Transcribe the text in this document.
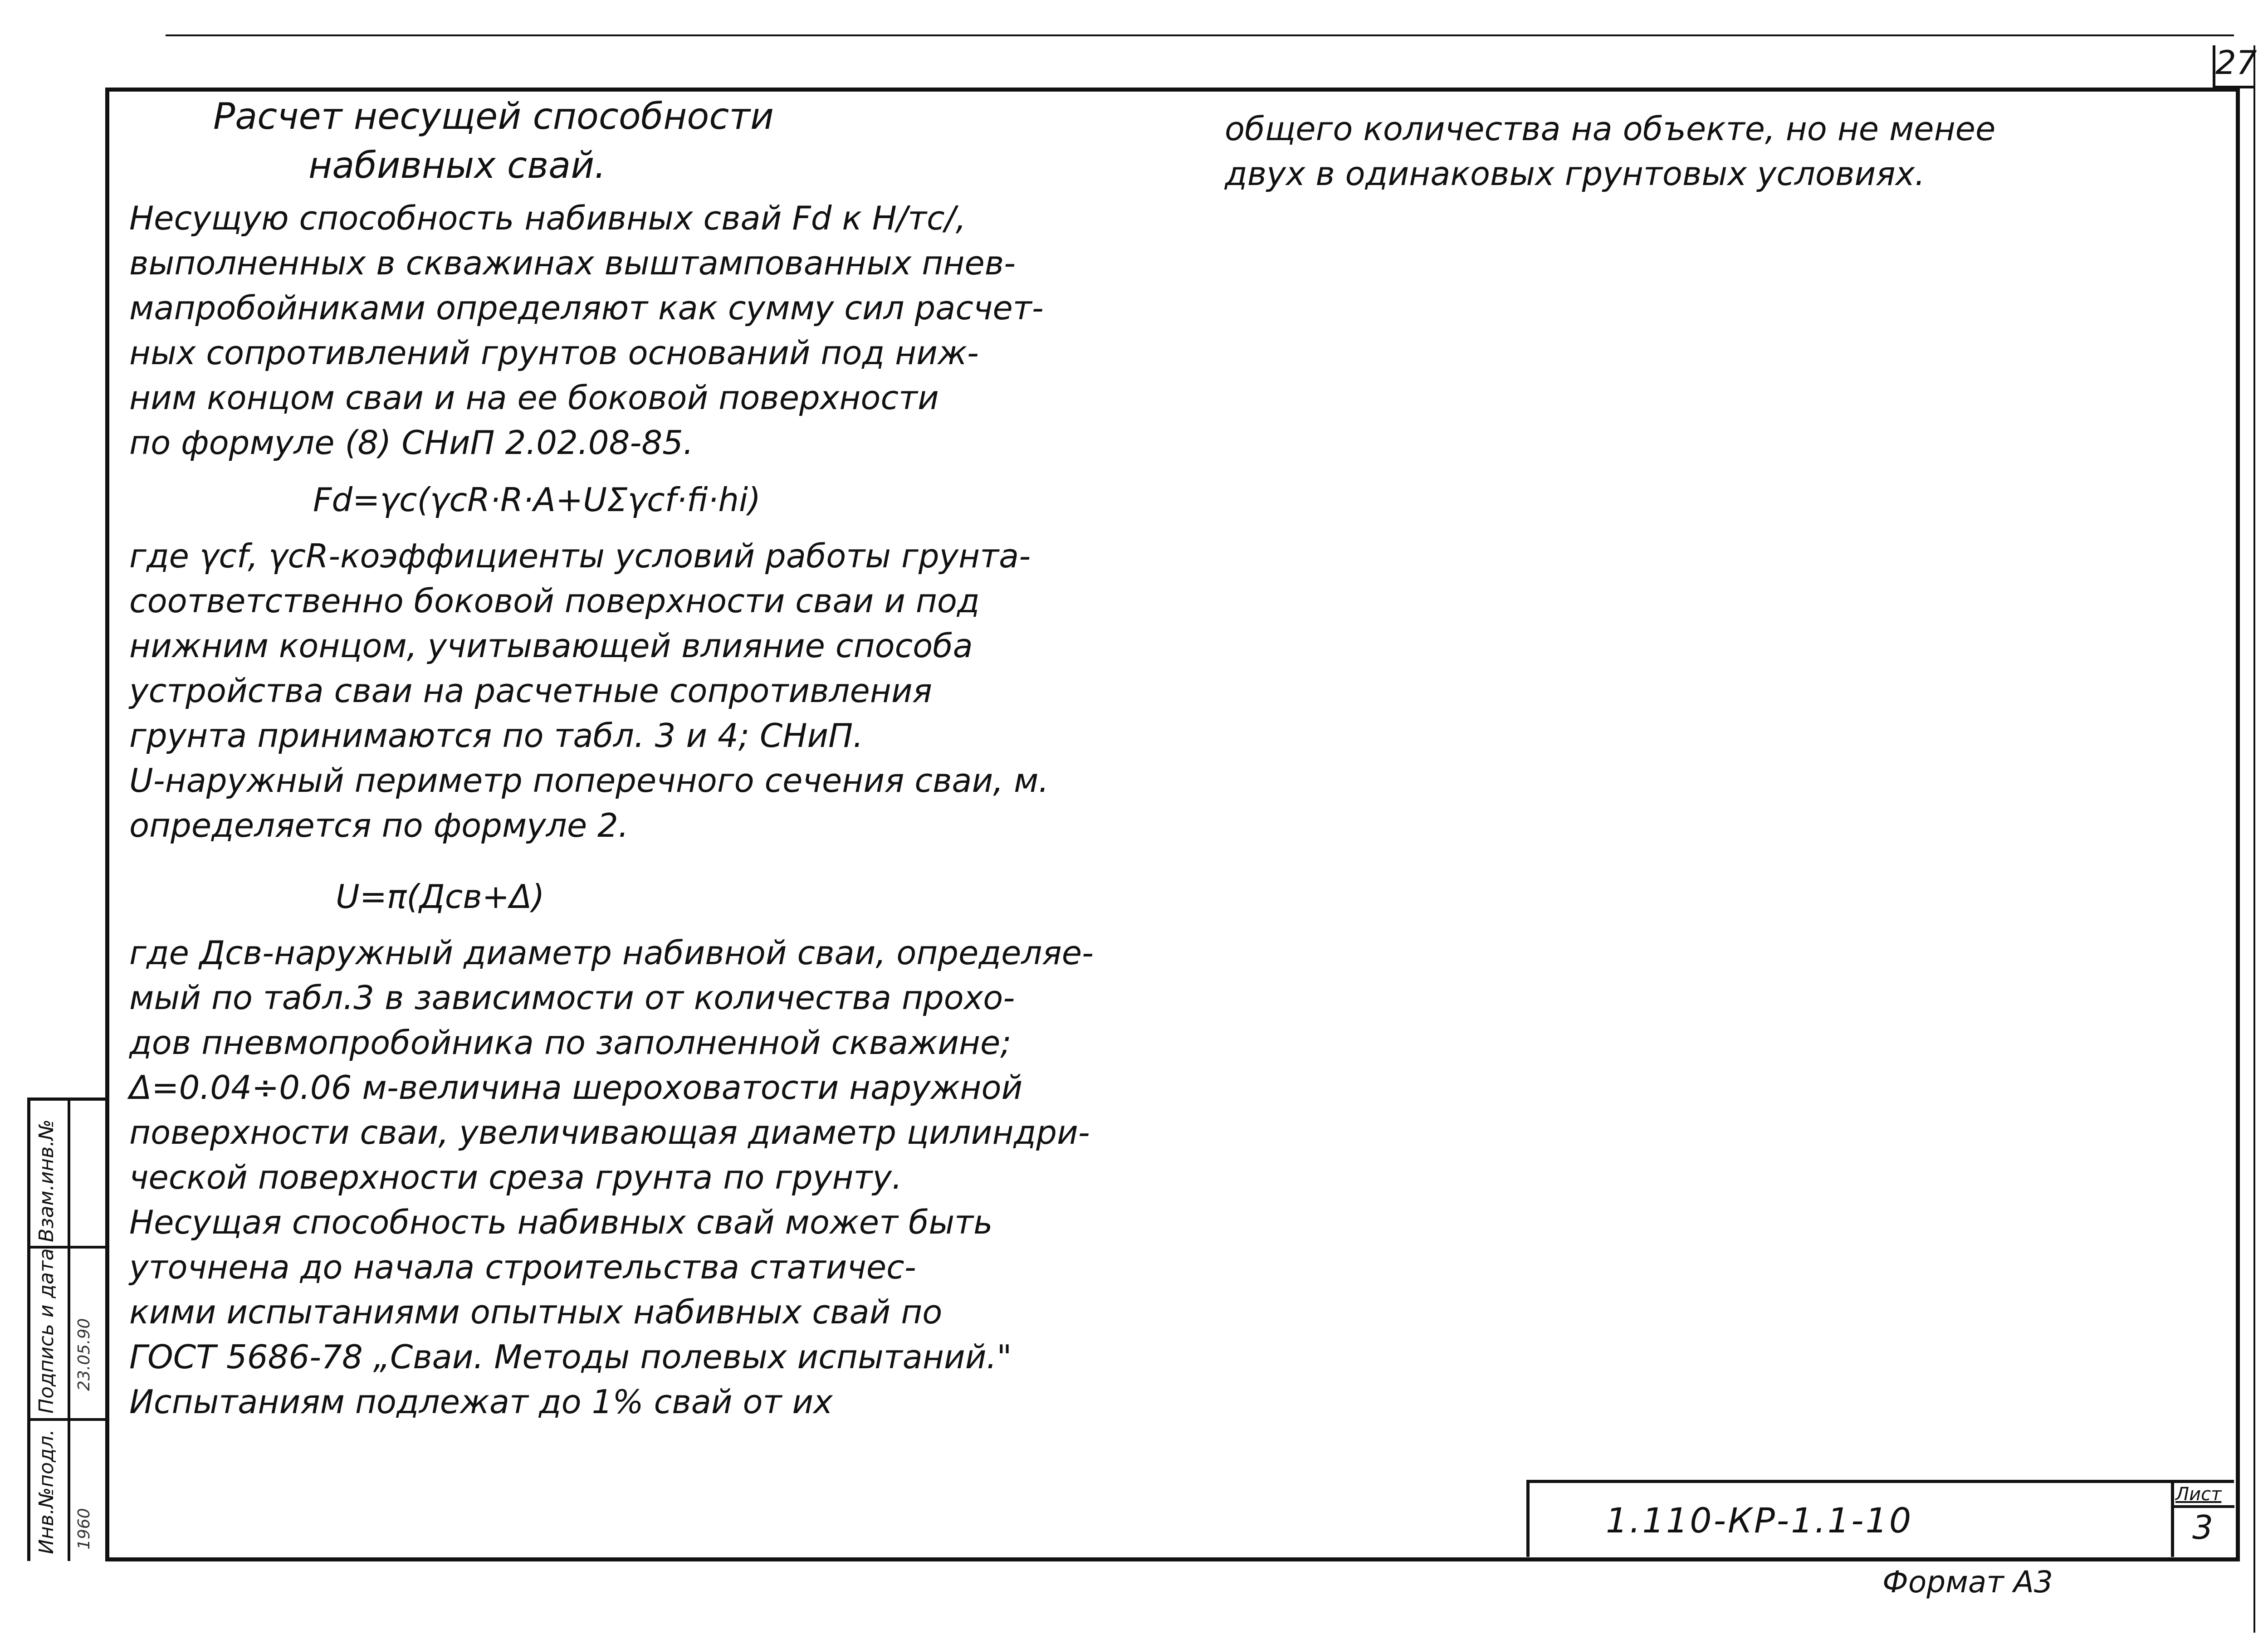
27
Расчет несущей способности
набивных свай.
Несущую способность набивных свай Fd к Н/тс/,
выполненных в скважинах выштампованных пнев-
мапробойниками определяют как сумму сил расчет-
ных сопротивлений грунтов оснований под ниж-
ним концом сваи и на ее боковой поверхности
по формуле (8) СНиП 2.02.08-85.
Fd=γc(γcR·R·A+UΣγcf·fi·hi)
где γcf, γcR-коэффициенты условий работы грунта-
соответственно боковой поверхности сваи и под
нижним концом, учитывающей влияние способа
устройства сваи на расчетные сопротивления
грунта принимаются по табл. 3 и 4; СНиП.
U-наружный периметр поперечного сечения сваи, м.
определяется по формуле 2.
U=π(Дсв+Δ)
где Дсв-наружный диаметр набивной сваи, определяе-
мый по табл.3 в зависимости от количества прохо-
дов пневмопробойника по заполненной скважине;
Δ=0.04÷0.06 м-величина шероховатости наружной
поверхности сваи, увеличивающая диаметр цилиндри-
ческой поверхности среза грунта по грунту.
Несущая способность набивных свай может быть
уточнена до начала строительства статичес-
кими испытаниями опытных набивных свай по
ГОСТ 5686-78 „Сваи. Методы полевых испытаний."
Испытаниям подлежат до 1% свай от их
общего количества на объекте, но не менее
двух в одинаковых грунтовых условиях.
1.110-КР-1.1-10
Лист
3
Формат А3
Инв.№подл.
Подпись и дата
Взам.инв.№
1960
23.05.90
